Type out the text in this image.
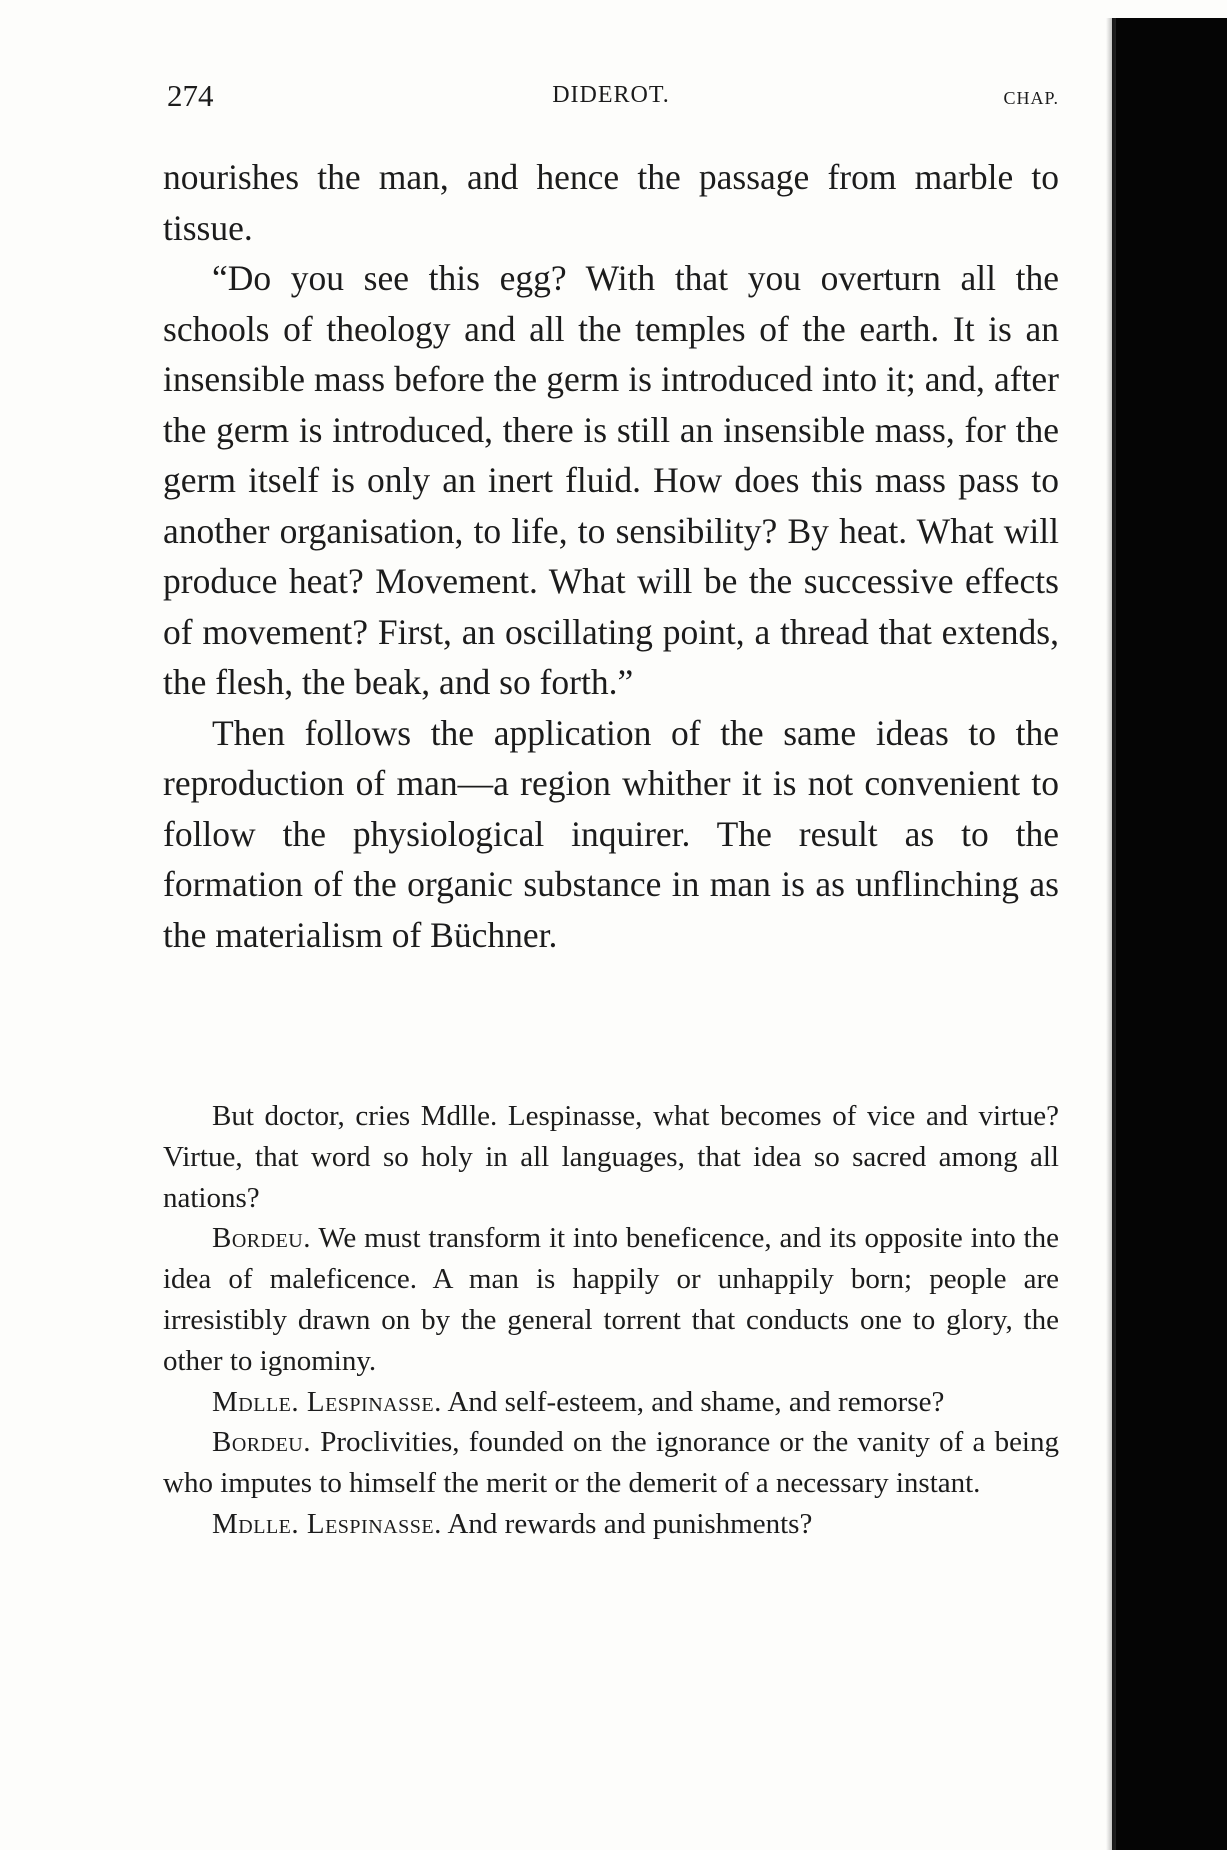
274	DIDEROT.	CHAP.

nourishes the man, and hence the passage from marble to tissue.

“Do you see this egg? With that you overturn all the schools of theology and all the temples of the earth. It is an insensible mass before the germ is introduced into it; and, after the germ is introduced, there is still an insensible mass, for the germ itself is only an inert fluid. How does this mass pass to another organisation, to life, to sensibility? By heat. What will produce heat? Movement. What will be the successive effects of movement? First, an oscillating point, a thread that extends, the flesh, the beak, and so forth.”

Then follows the application of the same ideas to the reproduction of man—a region whither it is not convenient to follow the physiological inquirer. The result as to the formation of the organic substance in man is as unflinching as the materialism of Büchner.

But doctor, cries Mdlle. Lespinasse, what becomes of vice and virtue? Virtue, that word so holy in all languages, that idea so sacred among all nations?

Bordeu. We must transform it into beneficence, and its opposite into the idea of maleficence. A man is happily or unhappily born; people are irresistibly drawn on by the general torrent that conducts one to glory, the other to ignominy.

Mdlle. Lespinasse. And self-esteem, and shame, and remorse?

Bordeu. Proclivities, founded on the ignorance or the vanity of a being who imputes to himself the merit or the demerit of a necessary instant.

Mdlle. Lespinasse. And rewards and punishments?
